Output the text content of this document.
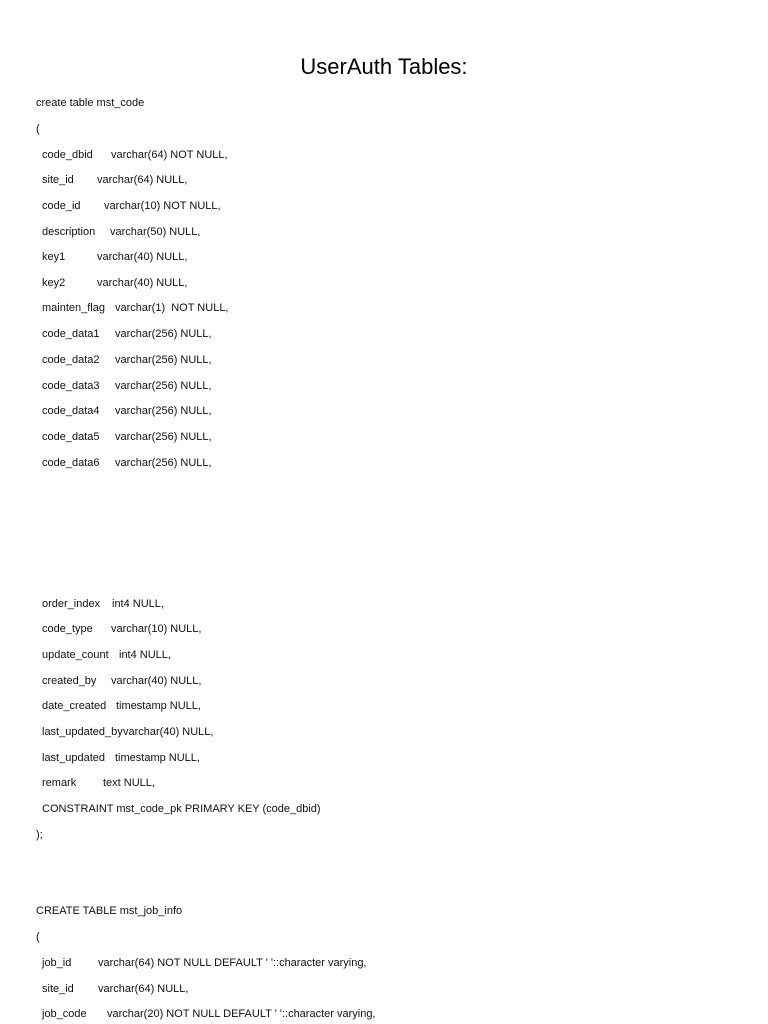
UserAuth Tables:
create table mst_code
(
code_dbid varchar(64) NOT NULL,
site_id varchar(64) NULL,
code_id varchar(10) NOT NULL,
description varchar(50) NULL,
key1	varchar(40) NULL,
key2	varchar(40) NULL,
mainten_flag varchar(1)  NOT NULL,
code_data1 varchar(256) NULL,
code_data2 varchar(256) NULL,
code_data3 varchar(256) NULL,
code_data4 varchar(256) NULL,
code_data5 varchar(256) NULL,
code_data6 varchar(256) NULL,
order_index int4 NULL,
code_type varchar(10) NULL,
update_count int4 NULL,
created_by varchar(40) NULL,
date_created timestamp NULL,
last_updated_by varchar(40) NULL,
last_updated timestamp NULL,
remark text NULL,
CONSTRAINT mst_code_pk PRIMARY KEY (code_dbid)
);
CREATE TABLE mst_job_info
(
job_id varchar(64) NOT NULL DEFAULT ' '::character varying,
site_id varchar(64) NULL,
job_code varchar(20) NOT NULL DEFAULT ' '::character varying,
